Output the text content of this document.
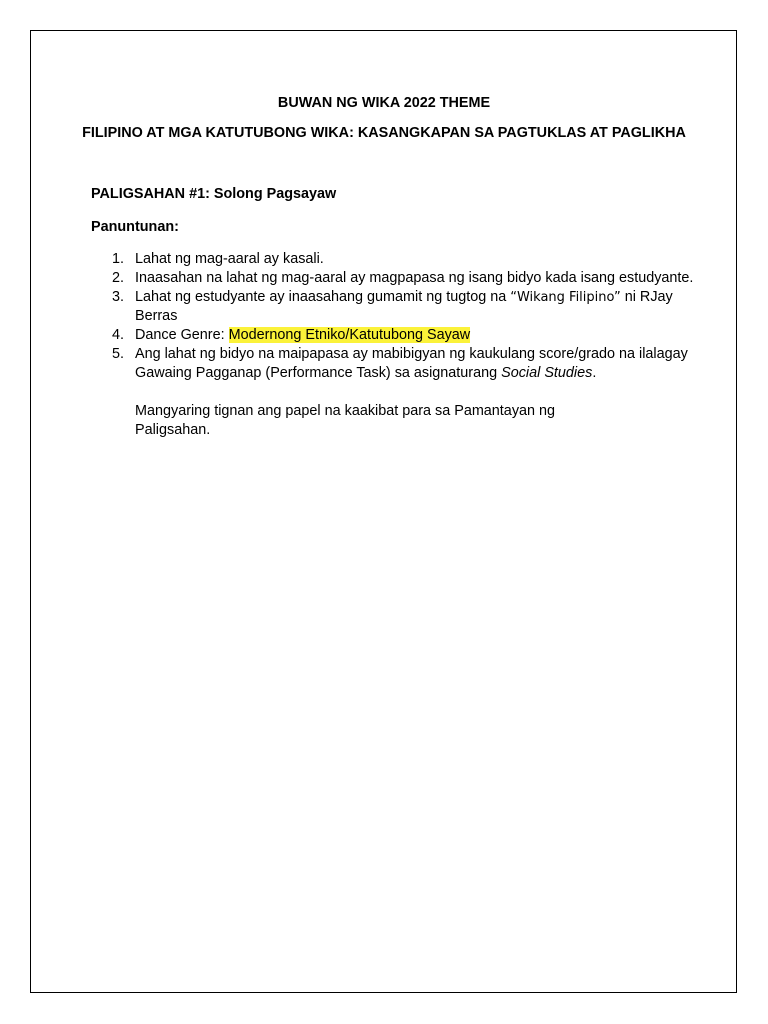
BUWAN NG WIKA 2022 THEME

FILIPINO AT MGA KATUTUBONG WIKA: KASANGKAPAN SA PAGTUKLAS AT PAGLIKHA

PALIGSAHAN #1: Solong Pagsayaw

Panuntunan:

1. Lahat ng mag-aaral ay kasali.
2. Inaasahan na lahat ng mag-aaral ay magpapasa ng isang bidyo kada isang estudyante.
3. Lahat ng estudyante ay inaasahang gumamit ng tugtog na “Wikang Filipino” ni RJay Berras
4. Dance Genre: Modernong Etniko/Katutubong Sayaw
5. Ang lahat ng bidyo na maipapasa ay mabibigyan ng kaukulang score/grado na ilalagay Gawaing Pagganap (Performance Task) sa asignaturang Social Studies.

Mangyaring tignan ang papel na kaakibat para sa Pamantayan ng Paligsahan.
